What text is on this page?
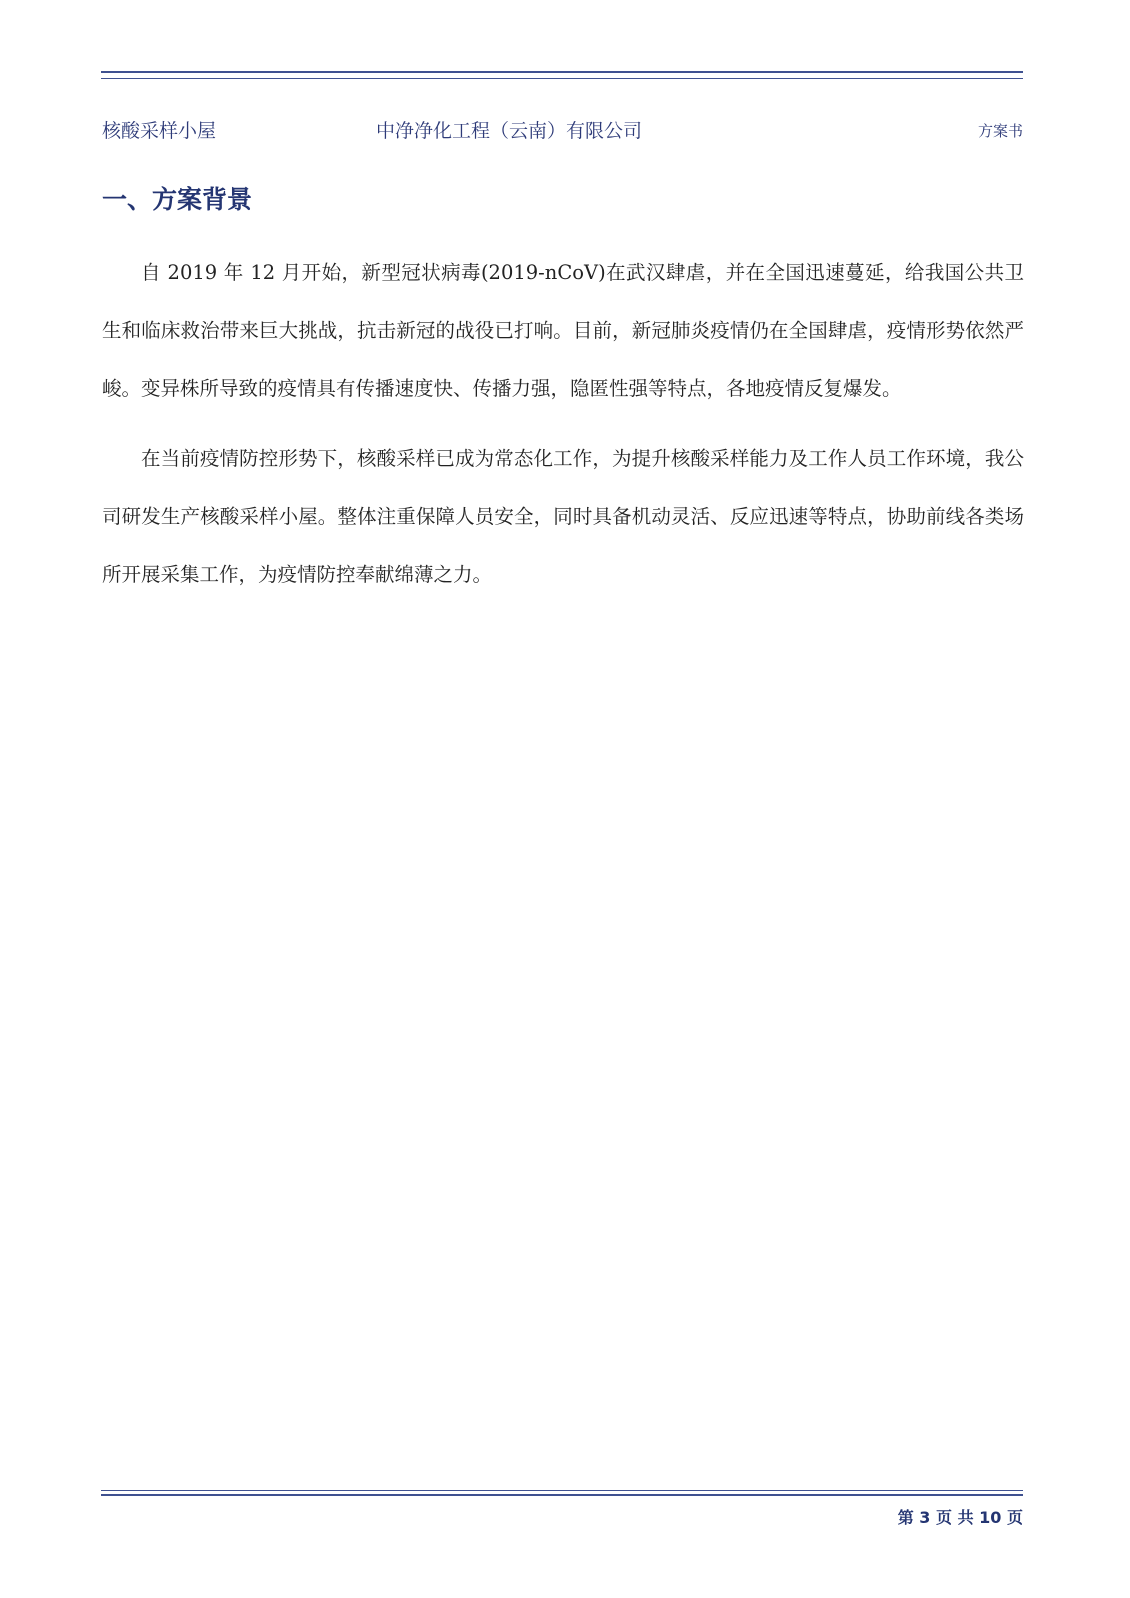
核酸采样小屋	中净净化工程（云南）有限公司	方案书
一、方案背景

自 2019 年 12 月开始，新型冠状病毒(2019-nCoV)在武汉肆虐，并在全国迅速蔓延，给我国公共卫生和临床救治带来巨大挑战，抗击新冠的战役已打响。目前，新冠肺炎疫情仍在全国肆虐，疫情形势依然严峻。变异株所导致的疫情具有传播速度快、传播力强，隐匿性强等特点，各地疫情反复爆发。

在当前疫情防控形势下，核酸采样已成为常态化工作，为提升核酸采样能力及工作人员工作环境，我公司研发生产核酸采样小屋。整体注重保障人员安全，同时具备机动灵活、反应迅速等特点，协助前线各类场所开展采集工作，为疫情防控奉献绵薄之力。

第 3 页 共 10 页
